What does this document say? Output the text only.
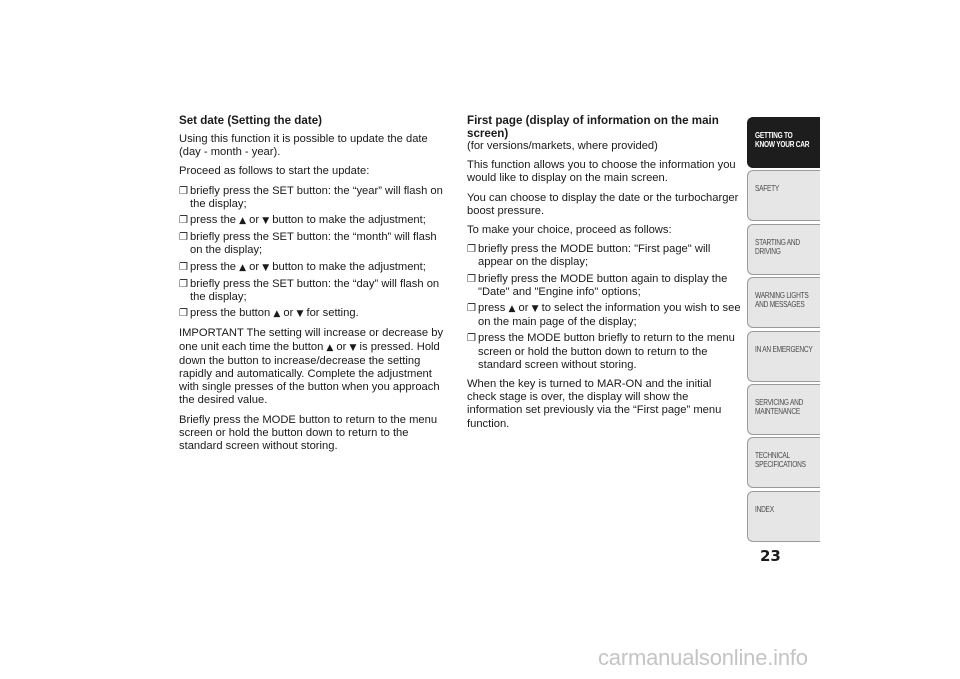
Set date (Setting the date)

Using this function it is possible to update the date (day - month - year).

Proceed as follows to start the update:

❐ briefly press the SET button: the “year” will flash on the display;
❐ press the ▲ or ▼ button to make the adjustment;
❐ briefly press the SET button: the “month” will flash on the display;
❐ press the ▲ or ▼ button to make the adjustment;
❐ briefly press the SET button: the “day” will flash on the display;
❐ press the button ▲ or ▼ for setting.

IMPORTANT The setting will increase or decrease by one unit each time the button ▲ or ▼ is pressed. Hold down the button to increase/decrease the setting rapidly and automatically. Complete the adjustment with single presses of the button when you approach the desired value.

Briefly press the MODE button to return to the menu screen or hold the button down to return to the standard screen without storing.

First page (display of information on the main screen)

(for versions/markets, where provided)

This function allows you to choose the information you would like to display on the main screen.

You can choose to display the date or the turbocharger boost pressure.

To make your choice, proceed as follows:

❐ briefly press the MODE button: "First page" will appear on the display;
❐ briefly press the MODE button again to display the "Date" and "Engine info" options;
❐ press ▲ or ▼ to select the information you wish to see on the main page of the display;
❐ press the MODE button briefly to return to the menu screen or hold the button down to return to the standard screen without storing.

When the key is turned to MAR-ON and the initial check stage is over, the display will show the information set previously via the “First page” menu function.

GETTING TO KNOW YOUR CAR
SAFETY
STARTING AND DRIVING
WARNING LIGHTS AND MESSAGES
IN AN EMERGENCY
SERVICING AND MAINTENANCE
TECHNICAL SPECIFICATIONS
INDEX
23
carmanualsonline.info
